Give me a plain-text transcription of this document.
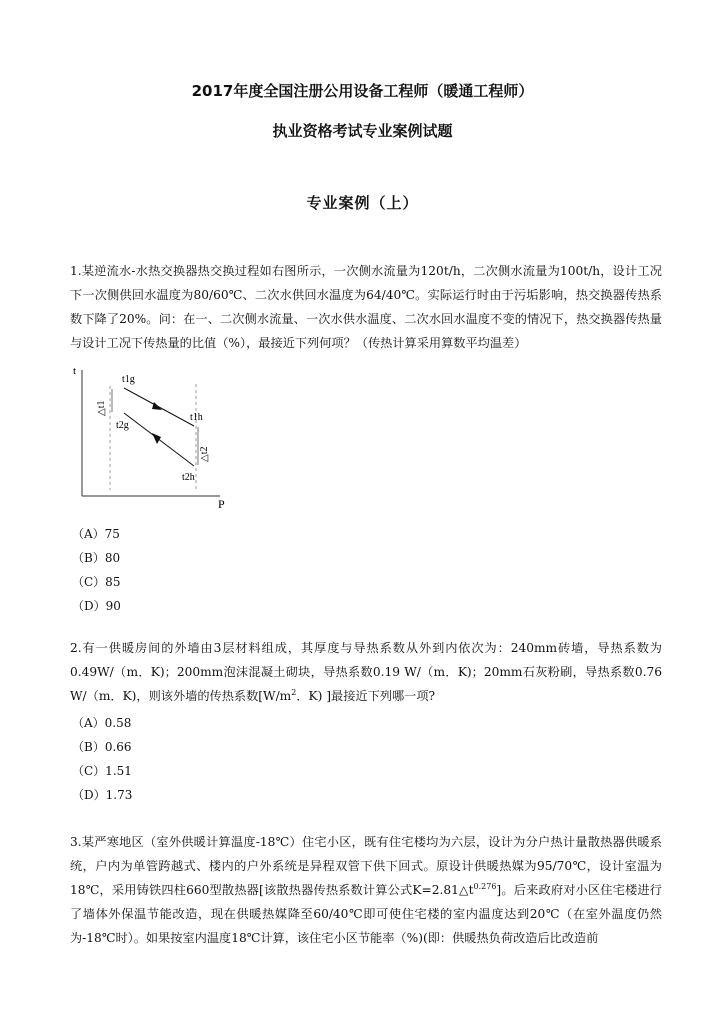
2017年度全国注册公用设备工程师（暖通工程师）
执业资格考试专业案例试题
专业案例（上）
1.某逆流水-水热交换器热交换过程如右图所示，一次侧水流量为120t/h，二次侧水流量为100t/h，设计工况下一次侧供回水温度为80/60℃、二次水供回水温度为64/40℃。实际运行时由于污垢影响，热交换器传热系数下降了20%。问：在一、二次侧水流量、一次水供水温度、二次水回水温度不变的情况下，热交换器传热量与设计工况下传热量的比值（%），最接近下列何项？（传热计算采用算数平均温差）
t
P
t1g
t2g
t1h
t2h
△t1
△t2
（A）75
（B）80
（C）85
（D）90
2.有一供暖房间的外墙由3层材料组成，其厚度与导热系数从外到内依次为：240mm砖墙，导热系数为0.49W/（m．K)；200mm泡沫混凝土砌块，导热系数0.19 W/（m．K)；20mm石灰粉刷，导热系数0.76 W/（m．K)，则该外墙的传热系数[$W/m^2$．K) ]最接近下列哪一项?
（A）0.58
（B）0.66
（C）1.51
（D）1.73
3.某严寒地区（室外供暖计算温度-18℃）住宅小区，既有住宅楼均为六层，设计为分户热计量散热器供暖系统，户内为单管跨越式、楼内的户外系统是异程双管下供下回式。原设计供暖热媒为95/70℃，设计室温为18℃，采用铸铁四柱660型散热器[该散热器传热系数计算公式$K=2.81\triangle t^{0.276}$]。后来政府对小区住宅楼进行了墙体外保温节能改造，现在供暖热媒降至60/40℃即可使住宅楼的室内温度达到20℃（在室外温度仍然为-18℃时）。如果按室内温度18℃计算，该住宅小区节能率（%)(即：供暖热负荷改造后比改造前
